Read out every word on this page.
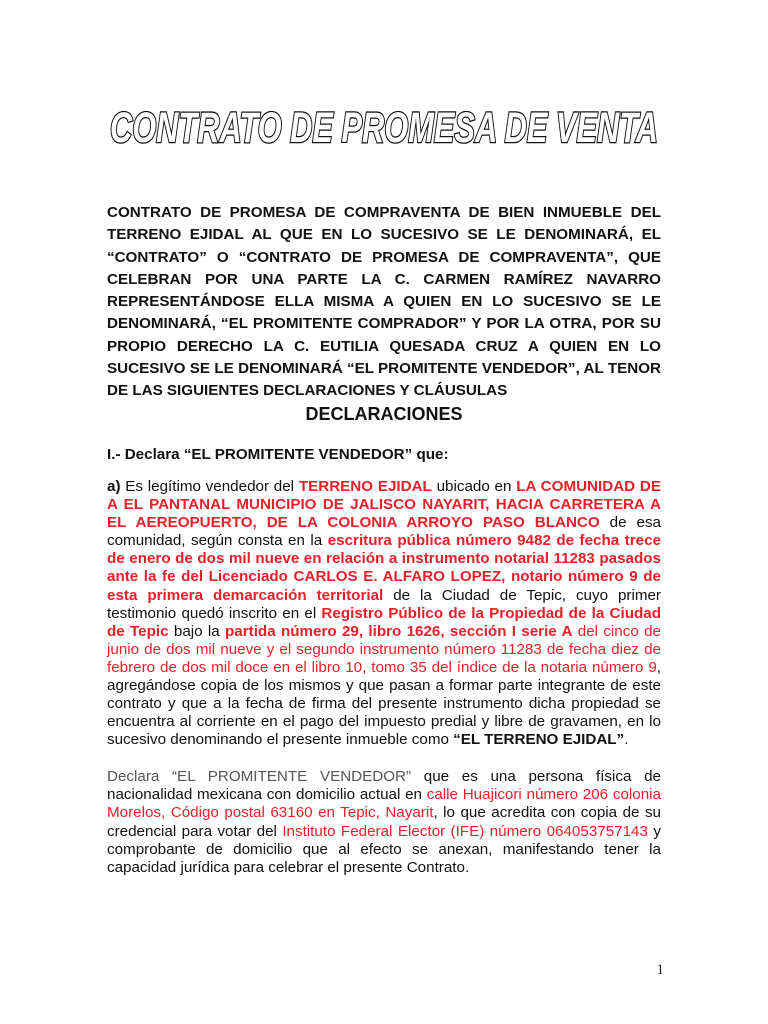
CONTRATO DE PROMESA DE VENTA

CONTRATO DE PROMESA DE COMPRAVENTA DE BIEN INMUEBLE DEL TERRENO EJIDAL AL QUE EN LO SUCESIVO SE LE DENOMINARÁ, EL “CONTRATO” O “CONTRATO DE PROMESA DE COMPRAVENTA”, QUE CELEBRAN POR UNA PARTE LA C. CARMEN RAMÍREZ NAVARRO REPRESENTÁNDOSE ELLA MISMA A QUIEN EN LO SUCESIVO SE LE DENOMINARÁ, “EL PROMITENTE COMPRADOR” Y POR LA OTRA, POR SU PROPIO DERECHO LA C. EUTILIA QUESADA CRUZ A QUIEN EN LO SUCESIVO SE LE DENOMINARÁ “EL PROMITENTE VENDEDOR”, AL TENOR DE LAS SIGUIENTES DECLARACIONES Y CLÁUSULAS

DECLARACIONES

I.- Declara “EL PROMITENTE VENDEDOR” que:

a) Es legítimo vendedor del TERRENO EJIDAL ubicado en LA COMUNIDAD DE A EL PANTANAL MUNICIPIO DE JALISCO NAYARIT, HACIA CARRETERA A EL AEREOPUERTO, DE LA COLONIA ARROYO PASO BLANCO de esa comunidad, según consta en la escritura pública número 9482 de fecha trece de enero de dos mil nueve en relación a instrumento notarial 11283 pasados ante la fe del Licenciado CARLOS E. ALFARO LOPEZ, notario número 9 de esta primera demarcación territorial de la Ciudad de Tepic, cuyo primer testimonio quedó inscrito en el Registro Público de la Propiedad de la Ciudad de Tepic bajo la partida número 29, libro 1626, sección I serie A del cinco de junio de dos mil nueve y el segundo instrumento número 11283 de fecha diez de febrero de dos mil doce en el libro 10, tomo 35 del índice de la notaria número 9, agregándose copia de los mismos y que pasan a formar parte integrante de este contrato y que a la fecha de firma del presente instrumento dicha propiedad se encuentra al corriente en el pago del impuesto predial y libre de gravamen, en lo sucesivo denominando el presente inmueble como “EL TERRENO EJIDAL”.

Declara “EL PROMITENTE VENDEDOR” que es una persona física de nacionalidad mexicana con domicilio actual en calle Huajicori número 206 colonia Morelos, Código postal 63160 en Tepic, Nayarit, lo que acredita con copia de su credencial para votar del Instituto Federal Elector (IFE) número 064053757143 y comprobante de domicilio que al efecto se anexan, manifestando tener la capacidad jurídica para celebrar el presente Contrato.

1
